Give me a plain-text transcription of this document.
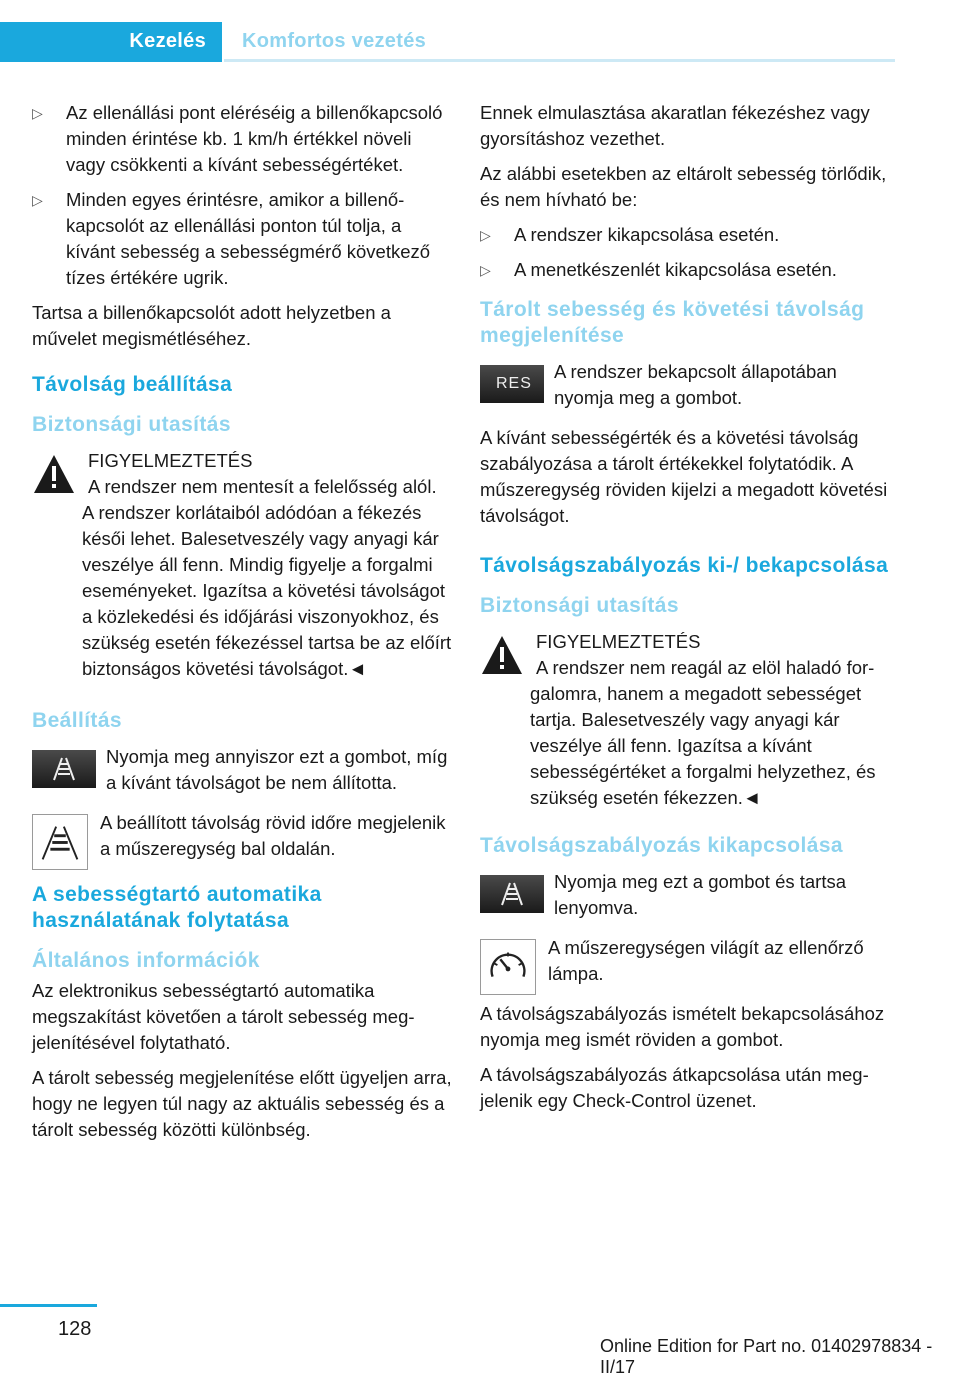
Kezelés	Komfortos vezetés
▷ Az ellenállási pont eléréséig a billenőkapcsoló minden érintése kb. 1 km/h értékkel növeli vagy csökkenti a kívánt sebességértéket.
▷ Minden egyes érintésre, amikor a billenőkapcsolót az ellenállási ponton túl tolja, a kívánt sebesség a sebességmérő következő tízes értékére ugrik.

Tartsa a billenőkapcsolót adott helyzetben a művelet megismétléséhez.

Távolság beállítása
Biztonsági utasítás
FIGYELMEZTETÉS
A rendszer nem mentesít a felelősség alól. A rendszer korlátaiból adódóan a fékezés késői lehet. Balesetveszély vagy anyagi kár veszélye áll fenn. Mindig figyelje a forgalmi eseményeket. Igazítsa a követési távolságot a közlekedési és időjárási viszonyokhoz, és szükség esetén fékezéssel tartsa be az előírt biztonságos követési távolságot.◄
Beállítás
Nyomja meg annyiszor ezt a gombot, míg a kívánt távolságot be nem állította.
A beállított távolság rövid időre megjelenik a műszeregység bal oldalán.
A sebességtartó automatika használatának folytatása
Általános információk

Az elektronikus sebességtartó automatika megszakítást követően a tárolt sebesség megjelenítésével folytatható.

A tárolt sebesség megjelenítése előtt ügyeljen arra, hogy ne legyen túl nagy az aktuális sebesség és a tárolt sebesség közötti különbség.

Ennek elmulasztása akaratlan fékezéshez vagy gyorsításhoz vezethet.

Az alábbi esetekben az eltárolt sebesség törlődik, és nem hívható be:

▷ A rendszer kikapcsolása esetén.
▷ A menetkészenlét kikapcsolása esetén.
Tárolt sebesség és követési távolság megjelenítése
RES
A rendszer bekapcsolt állapotában nyomja meg a gombot.

A kívánt sebességérték és a követési távolság szabályozása a tárolt értékekkel folytatódik. A műszeregység röviden kijelzi a megadott követési távolságot.

Távolságszabályozás ki-/ bekapcsolása
Biztonsági utasítás
FIGYELMEZTETÉS
A rendszer nem reagál az elöl haladó forgalomra, hanem a megadott sebességet tartja. Balesetveszély vagy anyagi kár veszélye áll fenn. Igazítsa a kívánt sebességértéket a forgalmi helyzethez, és szükség esetén fékezzen.◄
Távolságszabályozás kikapcsolása
Nyomja meg ezt a gombot és tartsa lenyomva.
A műszeregységen világít az ellenőrző lámpa.

A távolságszabályozás ismételt bekapcsolásához nyomja meg ismét röviden a gombot.

A távolságszabályozás átkapcsolása után megjelenik egy Check-Control üzenet.

128
Online Edition for Part no. 01402978834 - II/17
